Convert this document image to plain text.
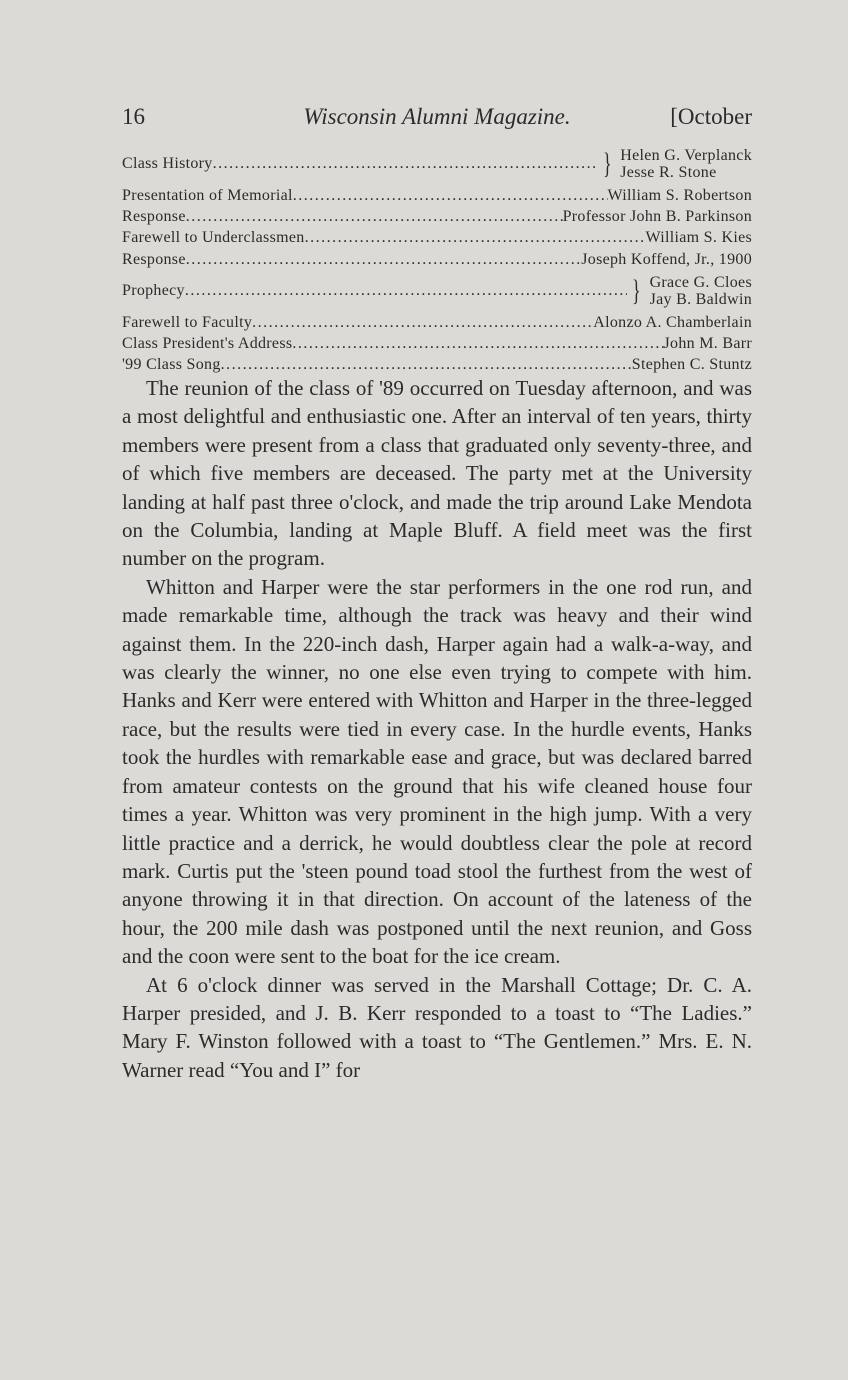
16	Wisconsin Alumni Magazine.	[October
Class History .....	} Helen G. Verplanck
Jesse R. Stone
Presentation of Memorial .....	William S. Robertson
Response .....	Professor John B. Parkinson
Farewell to Underclassmen .....	William S. Kies
Response .....	Joseph Koffend, Jr., 1900
Prophecy .....	} Grace G. Cloes
Jay B. Baldwin
Farewell to Faculty .....	Alonzo A. Chamberlain
Class President's Address .....	John M. Barr
'99 Class Song .....	Stephen C. Stuntz

The reunion of the class of '89 occurred on Tuesday afternoon, and was a most delightful and enthusiastic one. After an interval of ten years, thirty members were present from a class that graduated only seventy-three, and of which five members are deceased. The party met at the University landing at half past three o'clock, and made the trip around Lake Mendota on the Columbia, landing at Maple Bluff. A field meet was the first number on the program.

Whitton and Harper were the star performers in the one rod run, and made remarkable time, although the track was heavy and their wind against them. In the 220-inch dash, Harper again had a walk-a-way, and was clearly the winner, no one else even trying to compete with him. Hanks and Kerr were entered with Whitton and Harper in the three-legged race, but the results were tied in every case. In the hurdle events, Hanks took the hurdles with remarkable ease and grace, but was declared barred from amateur contests on the ground that his wife cleaned house four times a year. Whitton was very prominent in the high jump. With a very little practice and a derrick, he would doubtless clear the pole at record mark. Curtis put the 'steen pound toad stool the furthest from the west of anyone throwing it in that direction. On account of the lateness of the hour, the 200 mile dash was postponed until the next reunion, and Goss and the coon were sent to the boat for the ice cream.

At 6 o'clock dinner was served in the Marshall Cottage; Dr. C. A. Harper presided, and J. B. Kerr responded to a toast to “The Ladies.” Mary F. Winston followed with a toast to “The Gentlemen.” Mrs. E. N. Warner read “You and I” for
